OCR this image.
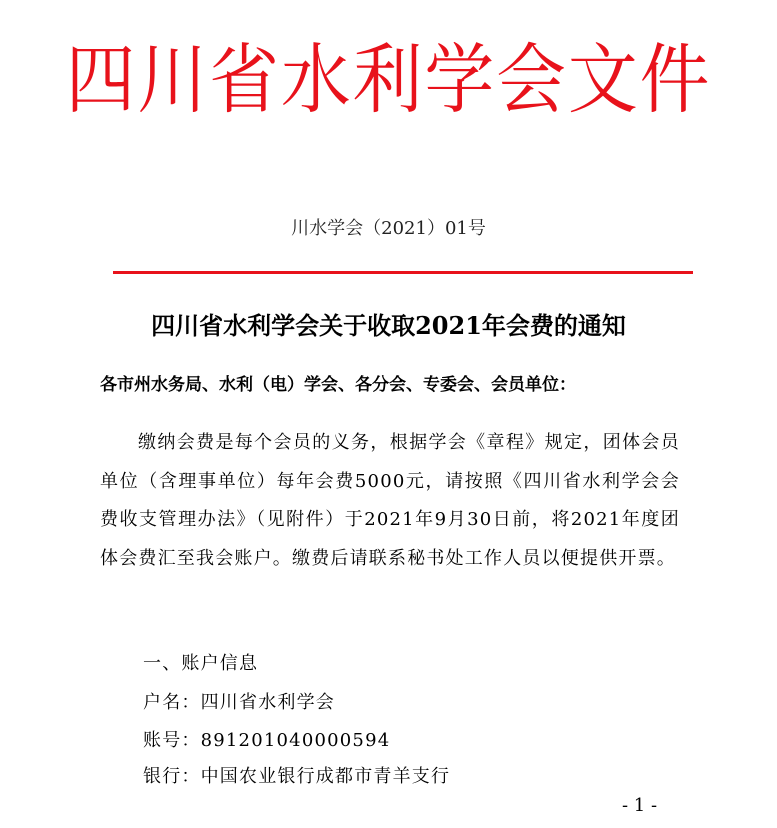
四川省水利学会文件
川水学会（2021）01号
四川省水利学会关于收取2021年会费的通知
各市州水务局、水利（电）学会、各分会、专委会、会员单位：
缴纳会费是每个会员的义务，根据学会《章程》规定，团体会员单位（含理事单位）每年会费5000元，请按照《四川省水利学会会费收支管理办法》（见附件）于2021年9月30日前，将2021年度团体会费汇至我会账户。缴费后请联系秘书处工作人员以便提供开票。
一、账户信息
户名：四川省水利学会
账号：891201040000594
银行：中国农业银行成都市青羊支行
- 1 -
